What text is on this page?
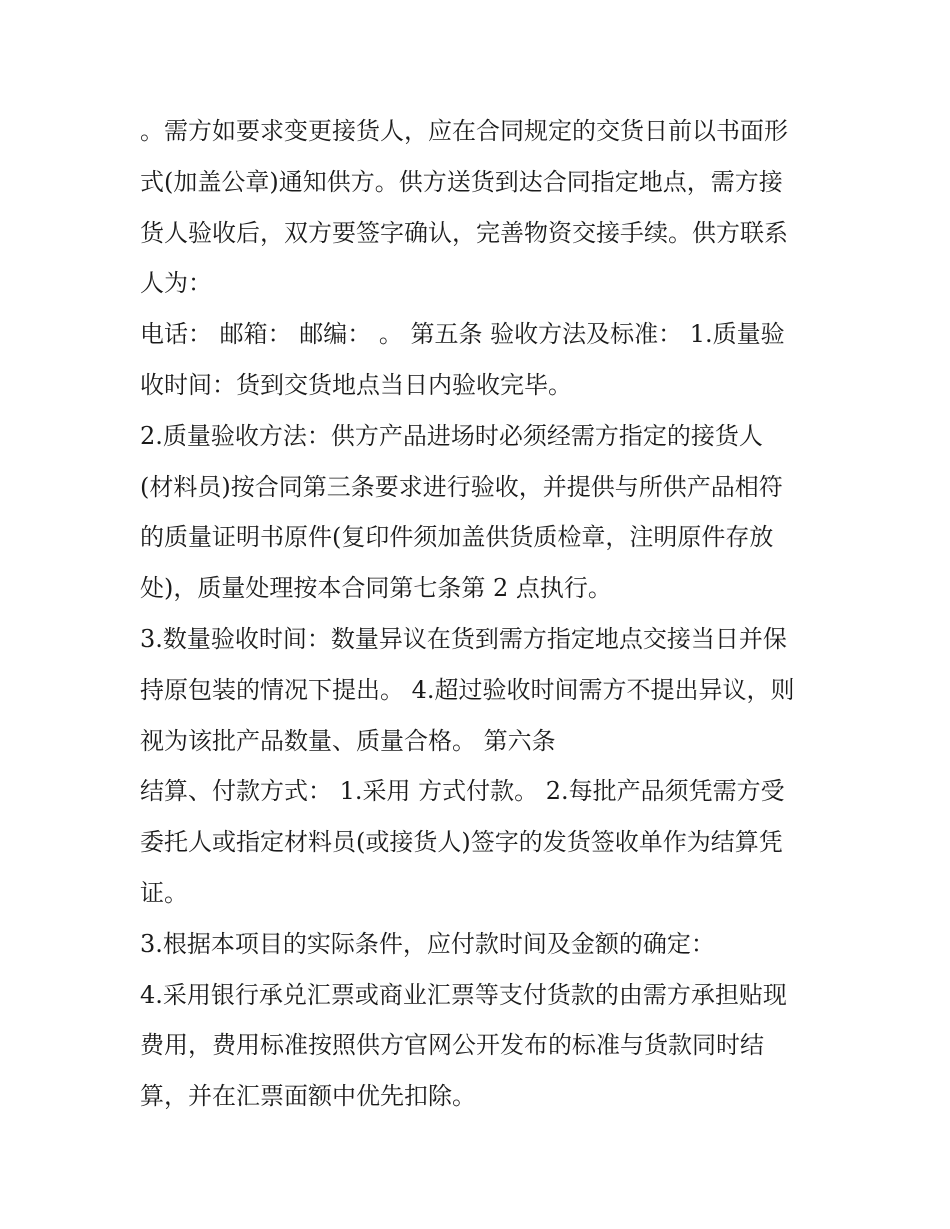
。需方如要求变更接货人，应在合同规定的交货日前以书面形
式(加盖公章)通知供方。供方送货到达合同指定地点，需方接
货人验收后，双方要签字确认，完善物资交接手续。供方联系
人为：
电话： 邮箱： 邮编： 。 第五条 验收方法及标准： 1.质量验
收时间：货到交货地点当日内验收完毕。
2.质量验收方法：供方产品进场时必须经需方指定的接货人
(材料员)按合同第三条要求进行验收，并提供与所供产品相符
的质量证明书原件(复印件须加盖供货质检章，注明原件存放
处)，质量处理按本合同第七条第 2 点执行。
3.数量验收时间：数量异议在货到需方指定地点交接当日并保
持原包装的情况下提出。 4.超过验收时间需方不提出异议，则
视为该批产品数量、质量合格。 第六条
结算、付款方式： 1.采用 方式付款。 2.每批产品须凭需方受
委托人或指定材料员(或接货人)签字的发货签收单作为结算凭
证。
3.根据本项目的实际条件，应付款时间及金额的确定：
4.采用银行承兑汇票或商业汇票等支付货款的由需方承担贴现
费用，费用标准按照供方官网公开发布的标准与货款同时结
算，并在汇票面额中优先扣除。
